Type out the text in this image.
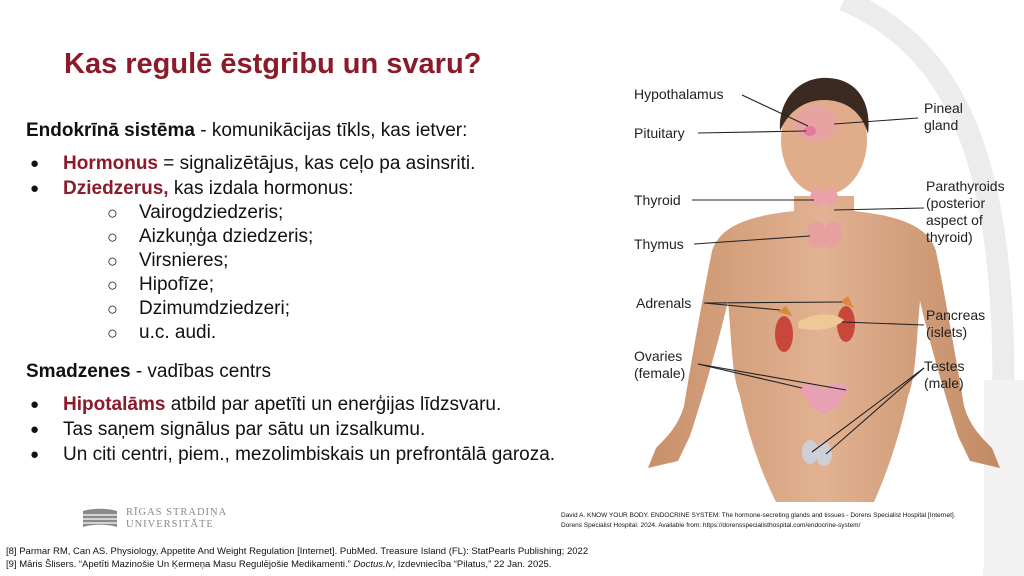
Kas regulē ēstgribu un svaru?

Endokrīnā sistēma - komunikācijas tīkls, kas ietver:

● Hormonus = signalizētājus, kas ceļo pa asinsriti.
● Dziedzerus, kas izdala hormonus:
○ Vairogdziedzeris;
○ Aizkuņģa dziedzeris;
○ Virsnieres;
○ Hipofīze;
○ Dzimumdziedzeri;
○ u.c. audi.

Smadzenes - vadības centrs

● Hipotalāms atbild par apetīti un enerģijas līdzsvaru.
● Tas saņem signālus par sātu un izsalkumu.
● Un citi centri, piem., mezolimbiskais un prefrontālā garoza.
Hypothalamus
Pituitary
Pineal
gland
Thyroid
Parathyroids
(posterior
aspect of
thyroid)
Thymus
Adrenals
Pancreas
(islets)
Ovaries
(female)	Testes
(male)
David A. KNOW YOUR BODY. ENDOCRINE SYSTEM: The hormone-secreting glands and tissues - Dorens Specialist Hospital [Internet].
Dorens Specialist Hospital. 2024. Available from: https://dorensspecialisthospital.com/endocrine-system/
RĪGAS STRADIŅA
UNIVERSITĀTE
[8] Parmar RM, Can AS. Physiology, Appetite And Weight Regulation [Internet]. PubMed. Treasure Island (FL): StatPearls Publishing; 2022
[9] Māris Šlisers. “Apetīti Mazinošie Un Ķermeņa Masu Regulējošie Medikamenti.” Doctus.lv, Izdevniecība “Pilatus,” 22 Jan. 2025.
